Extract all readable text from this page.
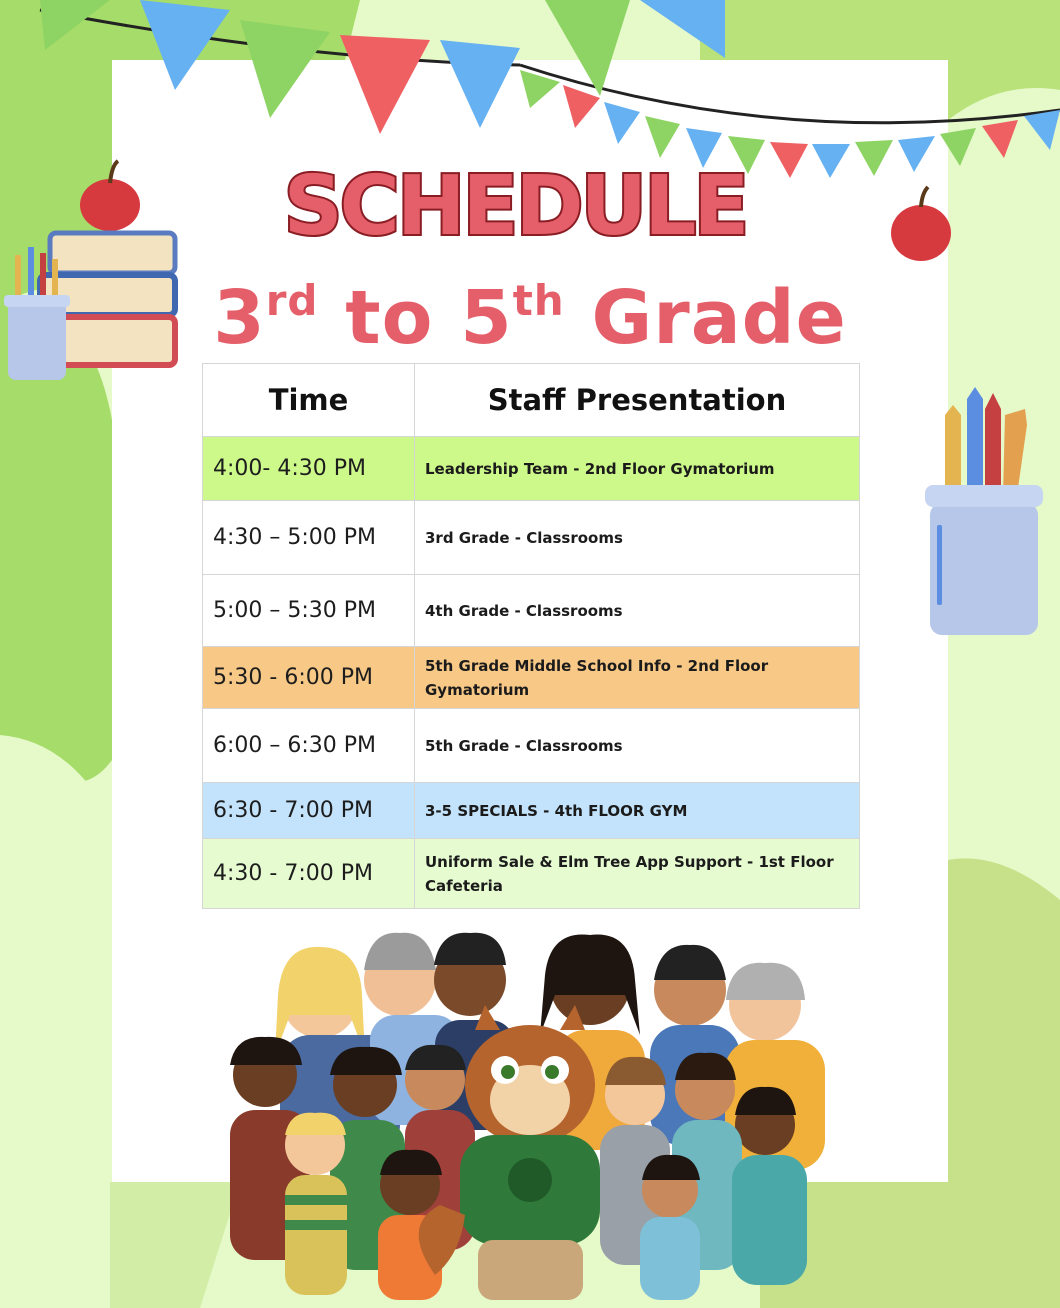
SCHEDULE
3rd to 5th Grade
Time	Staff Presentation
4:00- 4:30 PM	Leadership Team - 2nd Floor Gymatorium
4:30 – 5:00 PM	3rd Grade - Classrooms
5:00 – 5:30 PM	4th Grade - Classrooms
5:30 - 6:00 PM	5th Grade Middle School Info - 2nd Floor Gymatorium
6:00 – 6:30 PM	5th Grade - Classrooms
6:30 - 7:00 PM	3-5 SPECIALS - 4th FLOOR GYM
4:30 - 7:00 PM	Uniform Sale & Elm Tree App Support - 1st Floor Cafeteria
